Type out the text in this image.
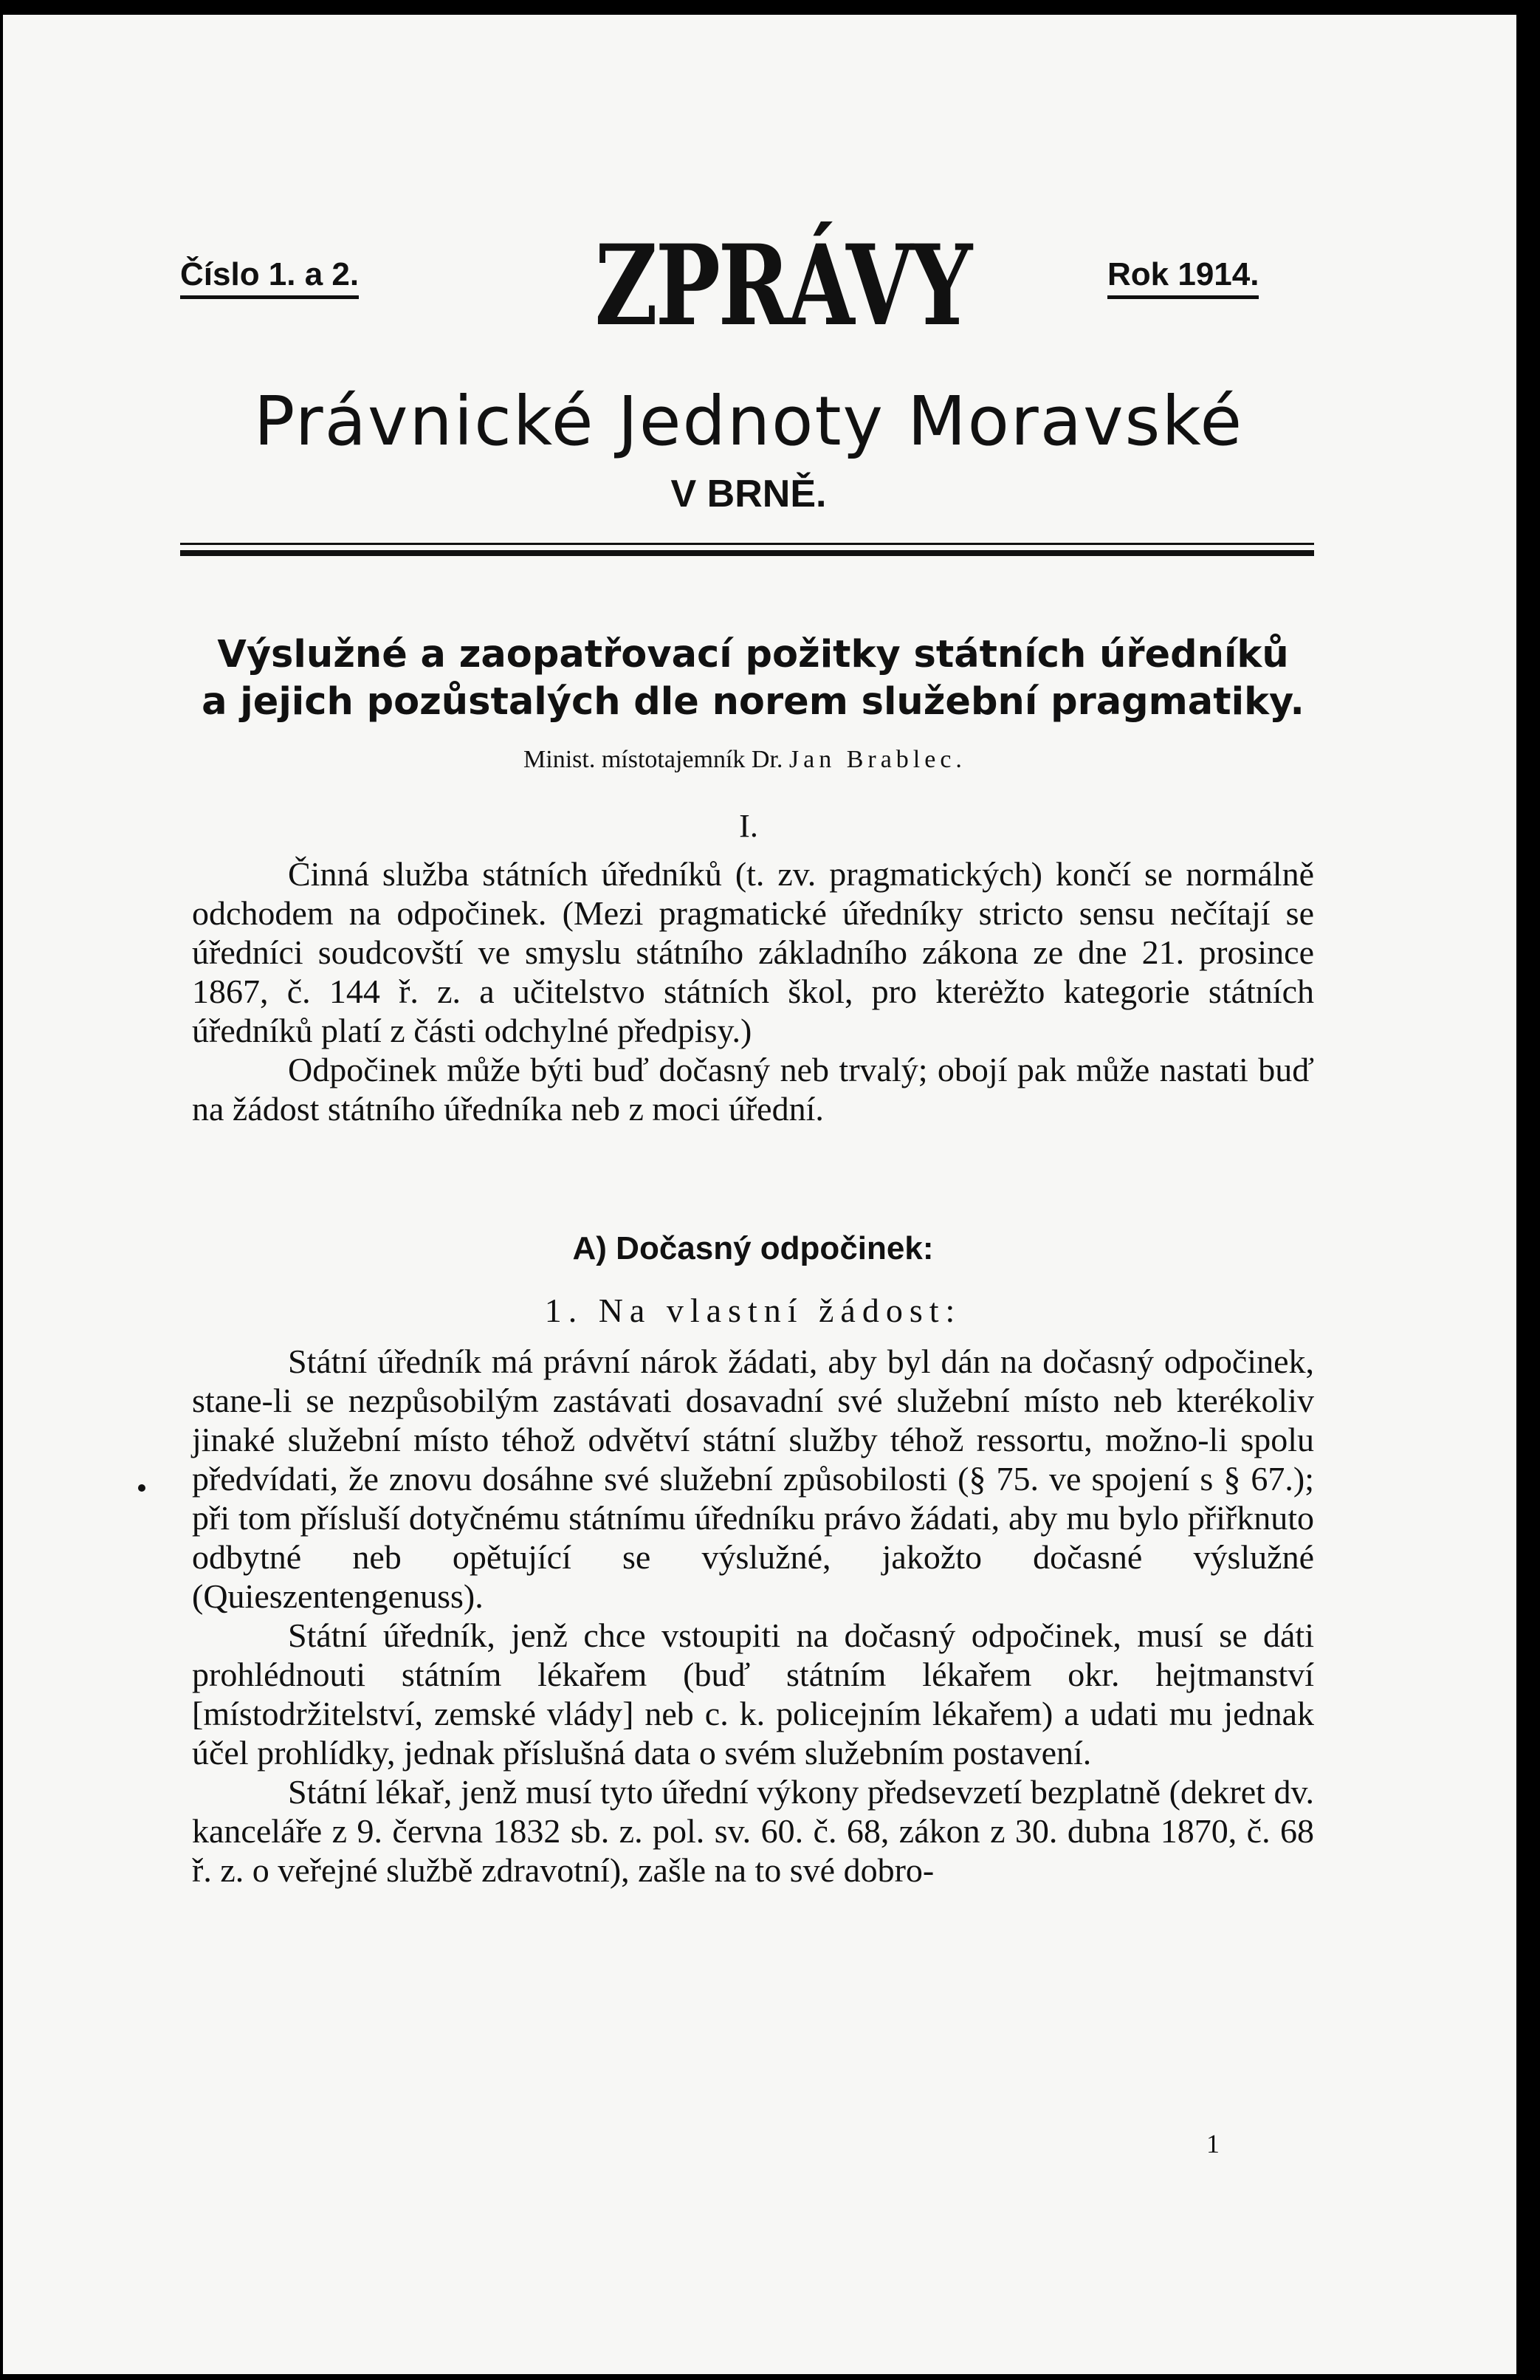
Číslo 1. a 2. ZPRÁVY	Rok 1914.
Právnické Jednoty Moravské
V BRNĚ.
Výslužné a zaopatřovací požitky státních úředníků
a jejich pozůstalých dle norem služební pragmatiky.
Minist. místotajemník Dr. Jan Brablec.
I.

Činná služba státních úředníků (t. zv. pragmatických) končí se normálně odchodem na odpočinek. (Mezi pragmatické úředníky stricto sensu nečítají se úředníci soudcovští ve smyslu státního základního zákona ze dne 21. prosince 1867, č. 144 ř. z. a učitelstvo státních škol, pro kterėžto kategorie státních úředníků platí z části odchylné předpisy.)

Odpočinek může býti buď dočasný neb trvalý; obojí pak může nastati buď na žádost státního úředníka neb z moci úřední.

A) Dočasný odpočinek:
1. Na vlastní žádost:

Státní úředník má právní nárok žádati, aby byl dán na dočasný odpočinek, stane-li se nezpůsobilým zastávati dosavadní své služební místo neb kterékoliv jinaké služební místo téhož odvětví státní služby téhož ressortu, možno-li spolu předvídati, že znovu dosáhne své služební způsobilosti (§ 75. ve spojení s § 67.); při tom přísluší dotyčnému státnímu úředníku právo žádati, aby mu bylo přiřknuto odbytné neb opětující se výslužné, jakožto dočasné výslužné (Quieszentengenuss).

Státní úředník, jenž chce vstoupiti na dočasný odpočinek, musí se dáti prohlédnouti státním lékařem (buď státním lékařem okr. hejtmanství [místodržitelství, zemské vlády] neb c. k. policejním lékařem) a udati mu jednak účel prohlídky, jednak příslušná data o svém služebním postavení.

Státní lékař, jenž musí tyto úřední výkony předsevzetí bezplatně (dekret dv. kanceláře z 9. června 1832 sb. z. pol. sv. 60. č. 68, zákon z 30. dubna 1870, č. 68 ř. z. o veřejné službě zdravotní), zašle na to své dobro-

1
